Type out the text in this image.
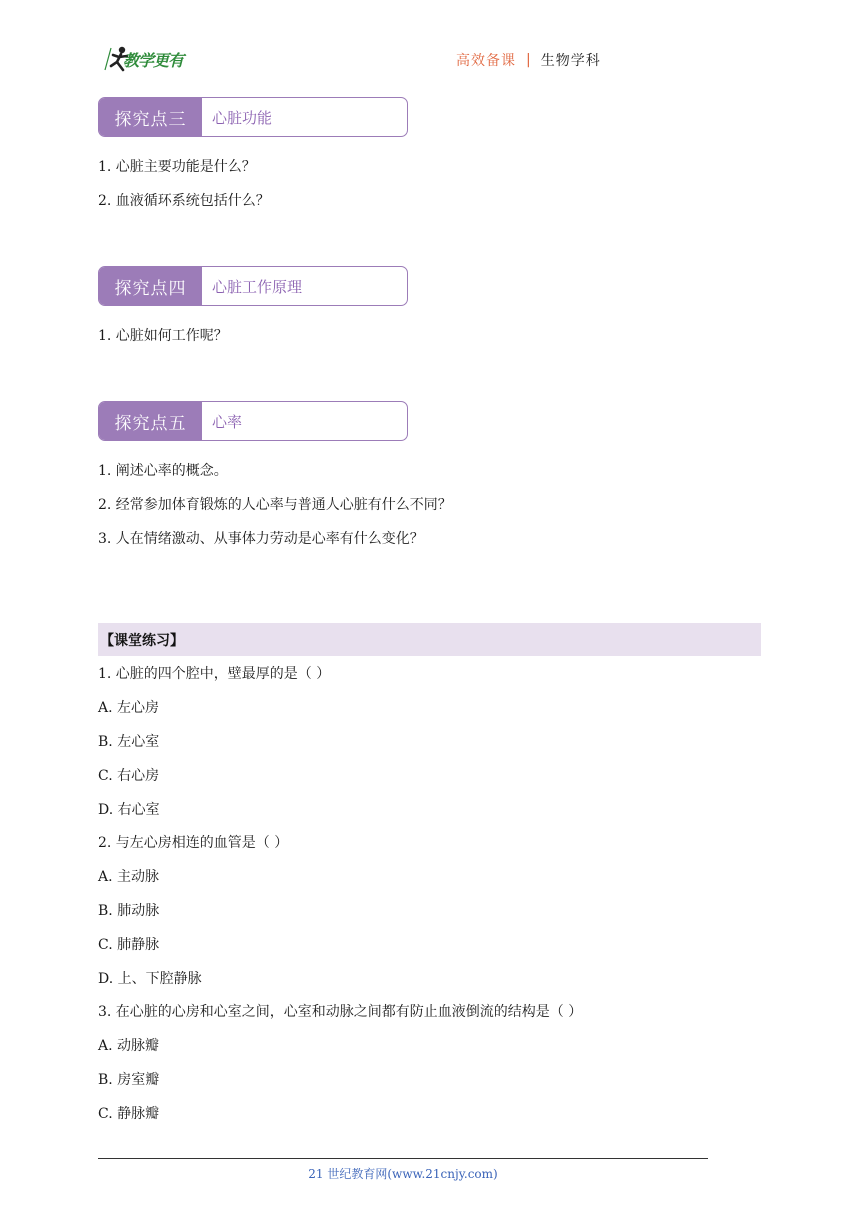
教学更有	高效备课 | 生物学科
探究点三	心脏功能
1. 心脏主要功能是什么？
2. 血液循环系统包括什么？
探究点四	心脏工作原理
1. 心脏如何工作呢？
探究点五	心率
1. 阐述心率的概念。
2. 经常参加体育锻炼的人心率与普通人心脏有什么不同？
3. 人在情绪激动、从事体力劳动是心率有什么变化？
【课堂练习】
1. 心脏的四个腔中，壁最厚的是（ ）
A. 左心房
B. 左心室
C. 右心房
D. 右心室
2. 与左心房相连的血管是（ ）
A. 主动脉
B. 肺动脉
C. 肺静脉
D. 上、下腔静脉
3. 在心脏的心房和心室之间，心室和动脉之间都有防止血液倒流的结构是（ ）
A. 动脉瓣
B. 房室瓣
C. 静脉瓣
21 世纪教育网(www.21cnjy.com)
